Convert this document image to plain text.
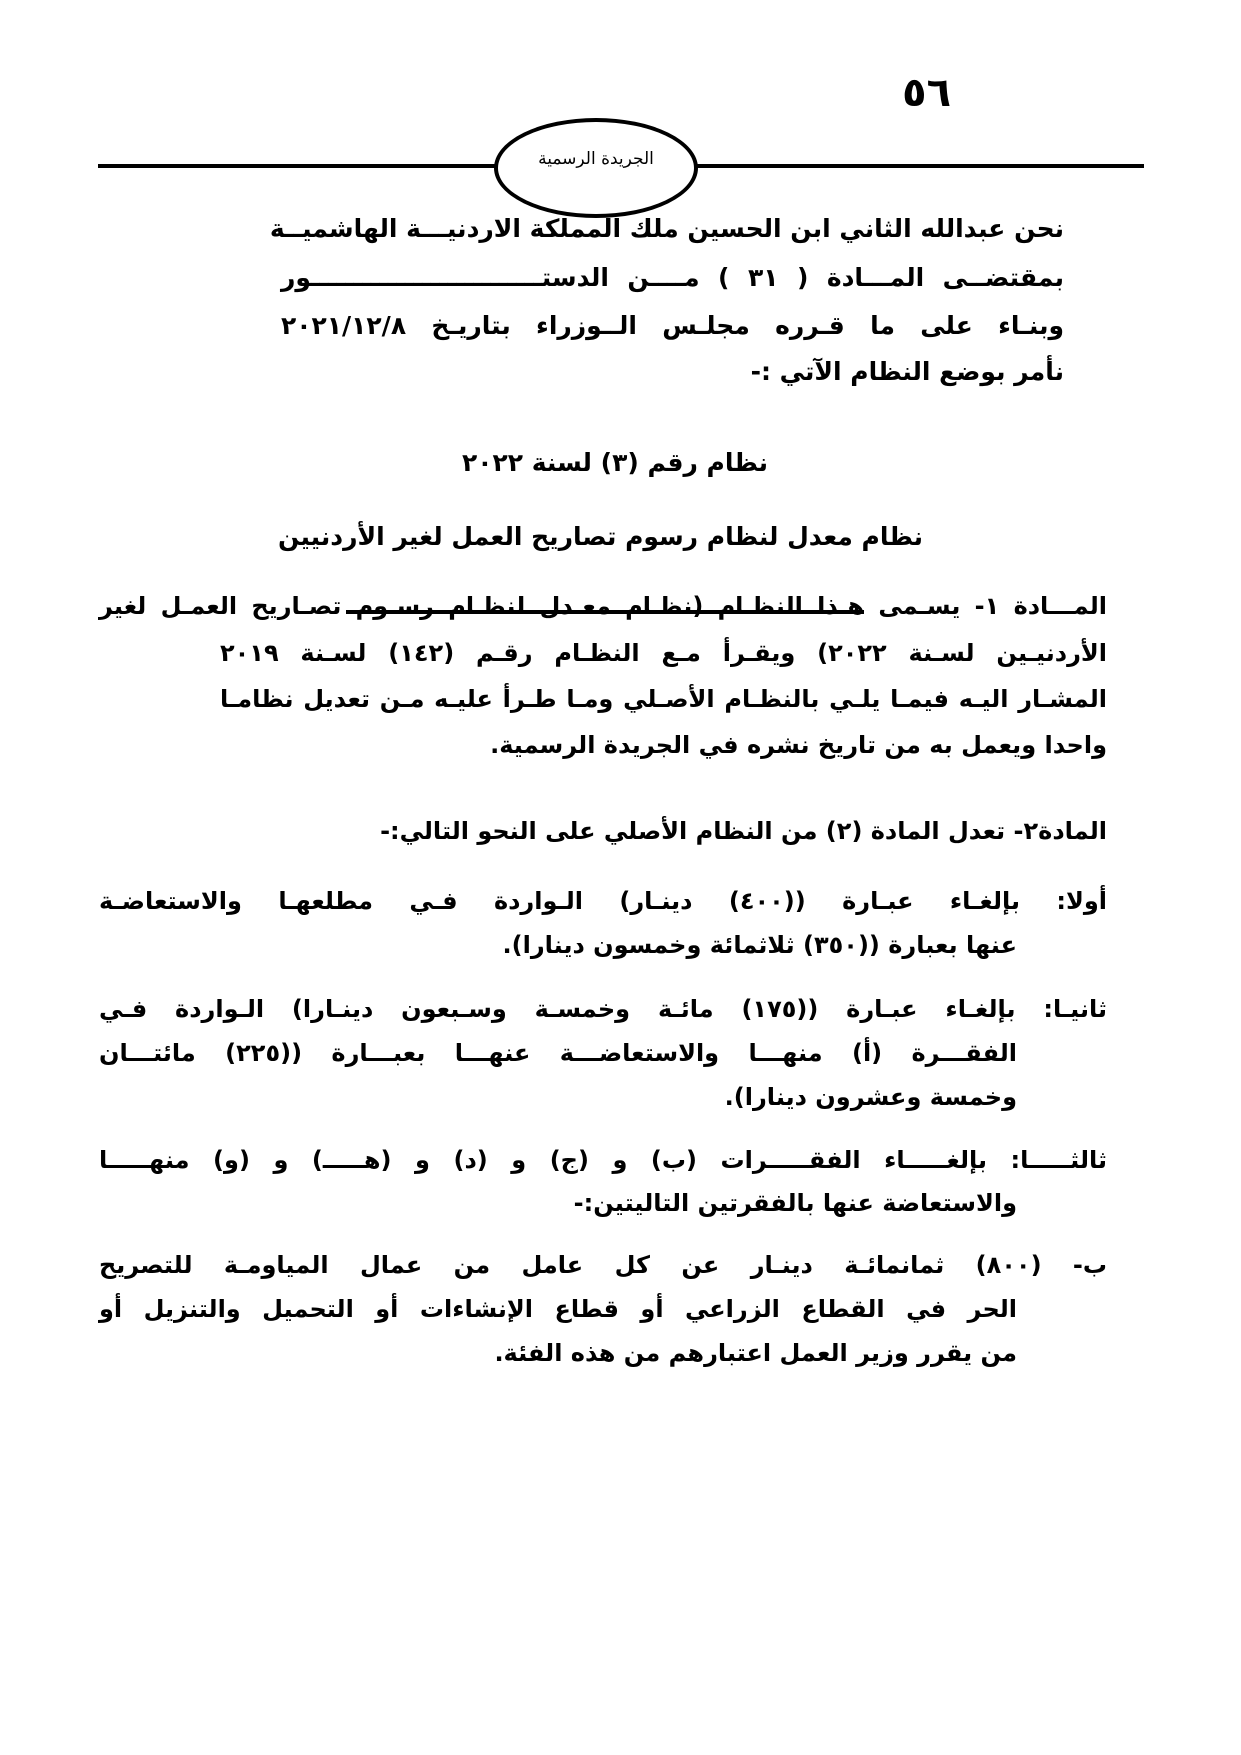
٥٦
الجريدة الرسمية
نحن عبدالله الثاني ابن الحسين ملك المملكة الاردنيـــة الهاشميــة
بمقتضــى المـــادة ( ٣١ ) مــــن الدستـــــــــــــــــــــــــــور
وبنـاء على ما قـرره مجلـس الــوزراء بتاريـخ ٢٠٢١/١٢/٨
نأمر بوضع النظام الآتي :-
نظام رقم (٣) لسنة ٢٠٢٢
نظام معدل لنظام رسوم تصاريح العمل لغير الأردنيين
المـــادة ١- يسـمى هـذا النظـام (نظـام معـدل لنظـام رسـوم تصـاريح العمـل لغير
الأردنيـين لسـنة ٢٠٢٢) ويقـرأ مـع النظـام رقـم (١٤٢) لسـنة ٢٠١٩
المشـار اليـه فيمـا يلـي بالنظـام الأصـلي ومـا طـرأ عليـه مـن تعديل نظامـا
واحدا ويعمل به من تاريخ نشره في الجريدة الرسمية.
المادة٢- تعدل المادة (٢) من النظام الأصلي على النحو التالي:-
أولا: بإلغـاء عبـارة ((٤٠٠) دينـار) الـواردة فـي مطلعهـا والاستعاضـة
عنها بعبارة ((٣٥٠) ثلاثمائة وخمسون دينارا).
ثانيـا: بإلغـاء عبـارة ((١٧٥) مائـة وخمسـة وسـبعون دينـارا) الـواردة فـي
الفقـــرة (أ) منهـــا والاستعاضـــة عنهـــا بعبـــارة ((٢٢٥) مائتـــان
وخمسة وعشرون دينارا).
ثالثـــــا: بإلغـــــاء الفقـــــرات (ب) و (ج) و (د) و (هـــــ) و (و) منهـــــا
والاستعاضة عنها بالفقرتين التاليتين:-
ب- (٨٠٠) ثمانمائـة دينـار عن كل عامل من عمال المياومـة للتصريح
الحر في القطاع الزراعي أو قطاع الإنشاءات أو التحميل والتنزيل أو
من يقرر وزير العمل اعتبارهم من هذه الفئة.
